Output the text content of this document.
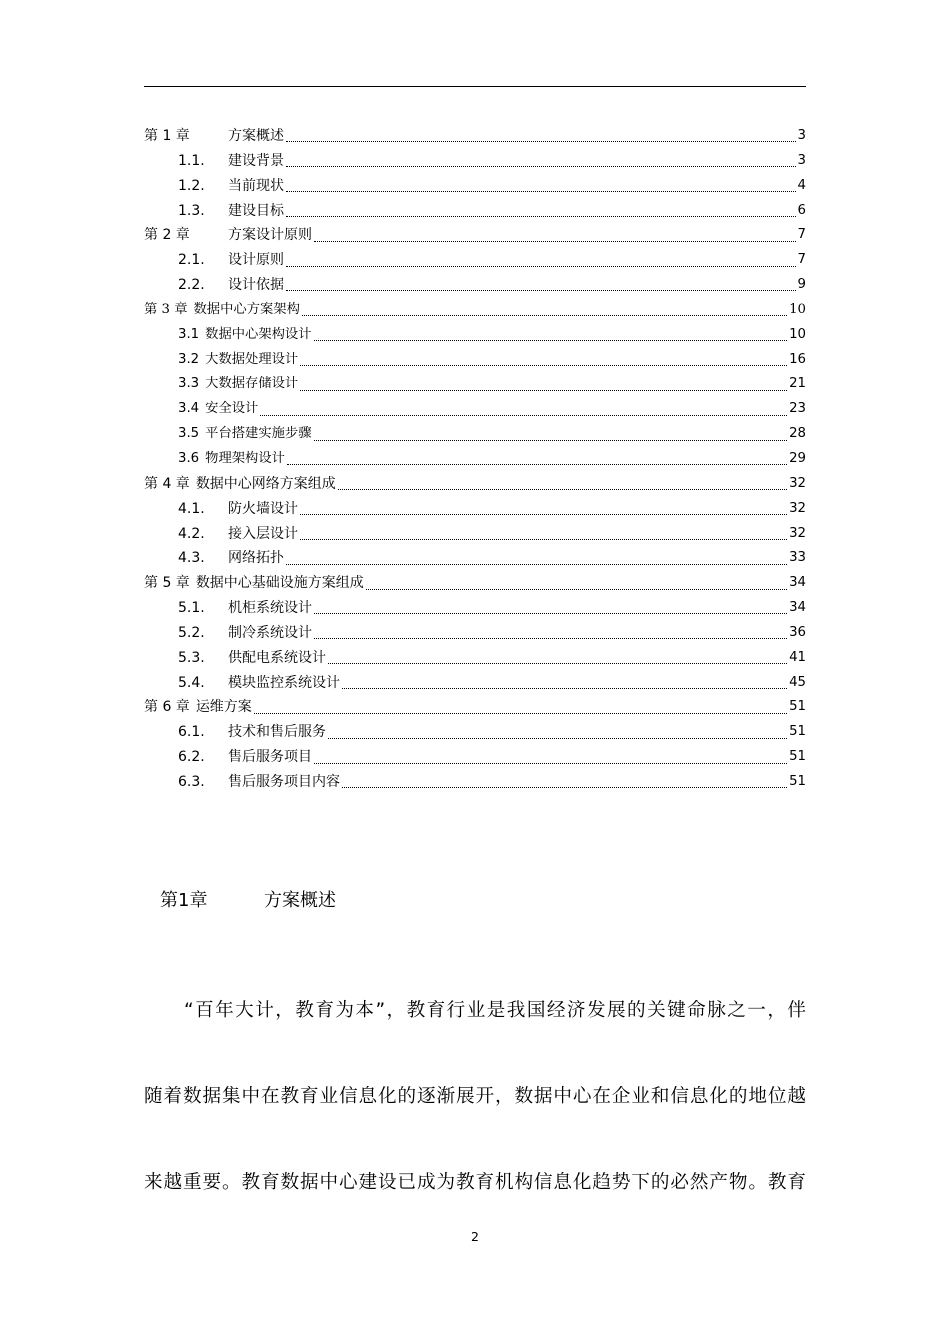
第 1 章	方案概述	3
1.1.	建设背景	3
1.2.	当前现状	4
1.3.	建设目标	6
第 2 章	方案设计原则	7
2.1.	设计原则	7
2.2.	设计依据	9
第 3 章 数据中心方案架构	10
3.1 数据中心架构设计	10
3.2 大数据处理设计	16
3.3 大数据存储设计	21
3.4 安全设计	23
3.5 平台搭建实施步骤	28
3.6 物理架构设计	29
第 4 章 数据中心网络方案组成	32
4.1.	防火墙设计	32
4.2.	接入层设计	32
4.3.	网络拓扑	33
第 5 章 数据中心基础设施方案组成	34
5.1.	机柜系统设计	34
5.2.	制冷系统设计	36
5.3.	供配电系统设计	41
5.4.	模块监控系统设计	45
第 6 章 运维方案	51
6.1.	技术和售后服务	51
6.2.	售后服务项目	51
6.3.	售后服务项目内容	51
第1章	方案概述
“百年大计，教育为本”，教育行业是我国经济发展的关键命脉之一，伴
随着数据集中在教育业信息化的逐渐展开，数据中心在企业和信息化的地位越
来越重要。教育数据中心建设已成为教育机构信息化趋势下的必然产物。教育
2
